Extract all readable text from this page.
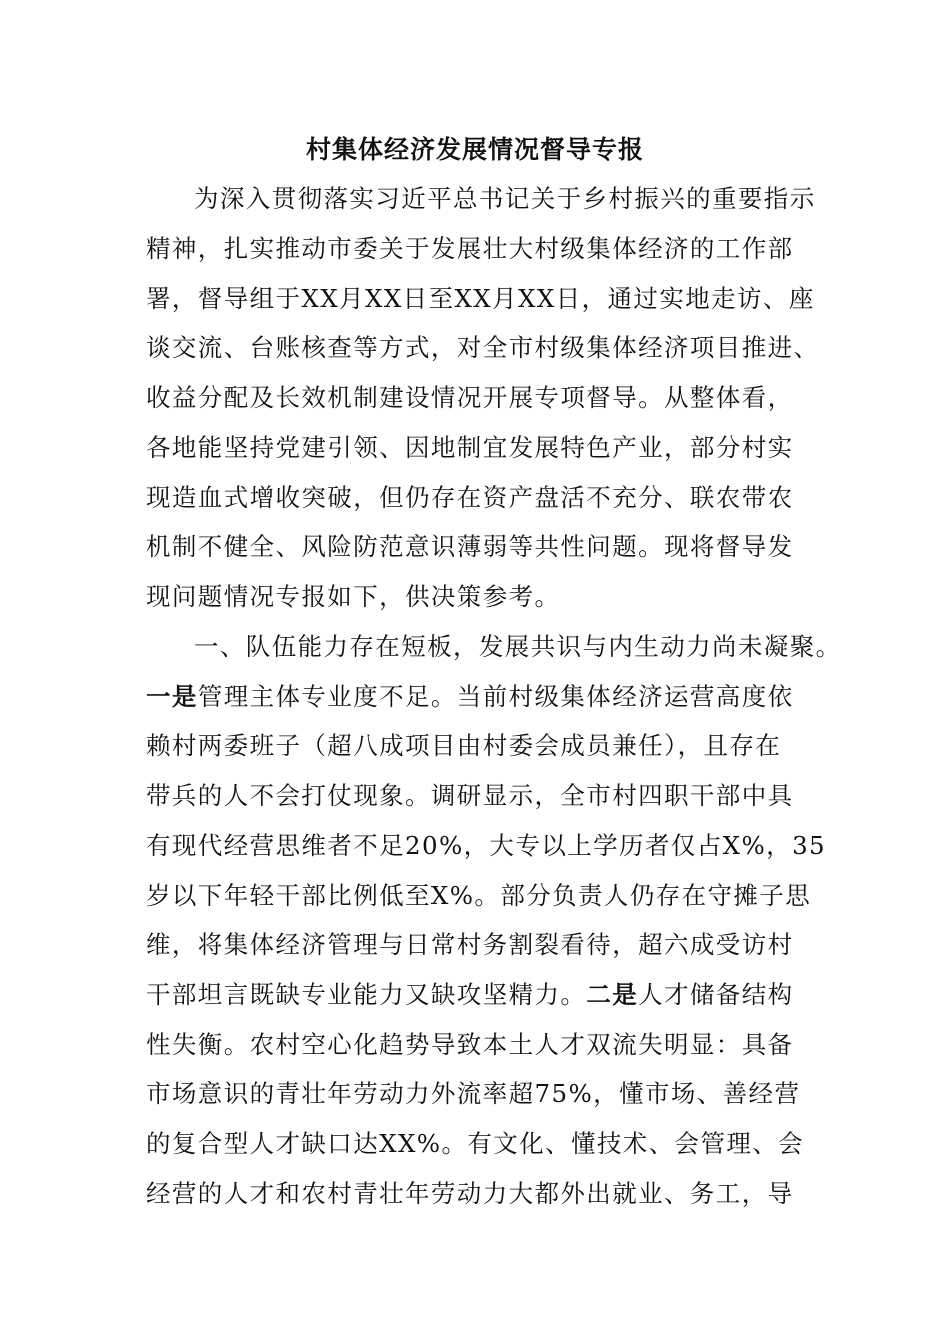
村集体经济发展情况督导专报
为深入贯彻落实习近平总书记关于乡村振兴的重要指示
精神，扎实推动市委关于发展壮大村级集体经济的工作部
署，督导组于XX月XX日至XX月XX日，通过实地走访、座
谈交流、台账核查等方式，对全市村级集体经济项目推进、
收益分配及长效机制建设情况开展专项督导。从整体看，
各地能坚持党建引领、因地制宜发展特色产业，部分村实
现造血式增收突破，但仍存在资产盘活不充分、联农带农
机制不健全、风险防范意识薄弱等共性问题。现将督导发
现问题情况专报如下，供决策参考。
一、队伍能力存在短板，发展共识与内生动力尚未凝聚。
一是管理主体专业度不足。当前村级集体经济运营高度依
赖村两委班子（超八成项目由村委会成员兼任），且存在
带兵的人不会打仗现象。调研显示，全市村四职干部中具
有现代经营思维者不足20%，大专以上学历者仅占X%，35
岁以下年轻干部比例低至X%。部分负责人仍存在守摊子思
维，将集体经济管理与日常村务割裂看待，超六成受访村
干部坦言既缺专业能力又缺攻坚精力。二是人才储备结构
性失衡。农村空心化趋势导致本土人才双流失明显：具备
市场意识的青壮年劳动力外流率超75%，懂市场、善经营
的复合型人才缺口达XX%。有文化、懂技术、会管理、会
经营的人才和农村青壮年劳动力大都外出就业、务工，导
